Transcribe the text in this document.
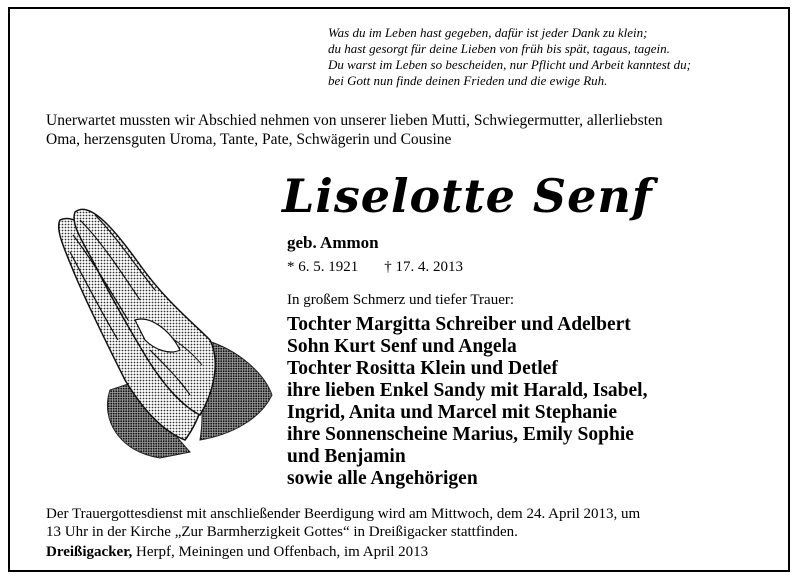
Was du im Leben hast gegeben, dafür ist jeder Dank zu klein;
du hast gesorgt für deine Lieben von früh bis spät, tagaus, tagein.
Du warst im Leben so bescheiden, nur Pflicht und Arbeit kanntest du;
bei Gott nun finde deinen Frieden und die ewige Ruh.
Unerwartet mussten wir Abschied nehmen von unserer lieben Mutti, Schwiegermutter, allerliebsten
Oma, herzensguten Uroma, Tante, Pate, Schwägerin und Cousine
Liselotte Senf
geb. Ammon
* 6. 5. 1921 † 17. 4. 2013
In großem Schmerz und tiefer Trauer:
Tochter Margitta Schreiber und Adelbert
Sohn Kurt Senf und Angela
Tochter Rositta Klein und Detlef
ihre lieben Enkel Sandy mit Harald, Isabel,
Ingrid, Anita und Marcel mit Stephanie
ihre Sonnenscheine Marius, Emily Sophie
und Benjamin
sowie alle Angehörigen
Der Trauergottesdienst mit anschließender Beerdigung wird am Mittwoch, dem 24. April 2013, um
13 Uhr in der Kirche „Zur Barmherzigkeit Gottes“ in Dreißigacker stattfinden.
Dreißigacker, Herpf, Meiningen und Offenbach, im April 2013
